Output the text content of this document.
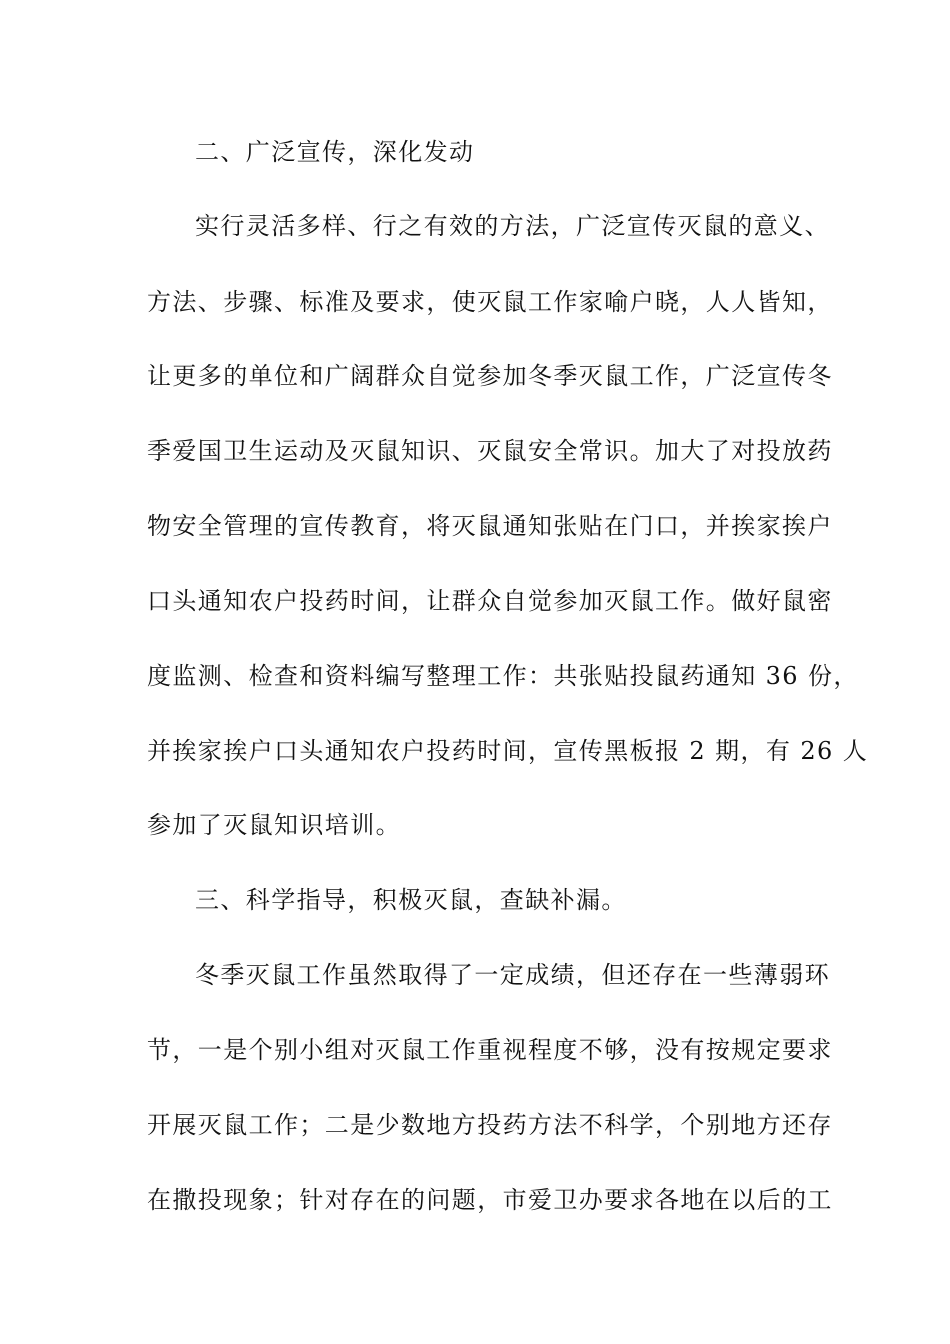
二、广泛宣传，深化发动
实行灵活多样、行之有效的方法，广泛宣传灭鼠的意义、
方法、步骤、标准及要求，使灭鼠工作家喻户晓，人人皆知，
让更多的单位和广阔群众自觉参加冬季灭鼠工作，广泛宣传冬
季爱国卫生运动及灭鼠知识、灭鼠安全常识。加大了对投放药
物安全管理的宣传教育，将灭鼠通知张贴在门口，并挨家挨户
口头通知农户投药时间，让群众自觉参加灭鼠工作。做好鼠密
度监测、检查和资料编写整理工作：共张贴投鼠药通知 36 份，
并挨家挨户口头通知农户投药时间，宣传黑板报 2 期，有 26 人
参加了灭鼠知识培训。
三、科学指导，积极灭鼠，查缺补漏。
冬季灭鼠工作虽然取得了一定成绩，但还存在一些薄弱环
节，一是个别小组对灭鼠工作重视程度不够，没有按规定要求
开展灭鼠工作；二是少数地方投药方法不科学，个别地方还存
在撒投现象；针对存在的问题，市爱卫办要求各地在以后的工
